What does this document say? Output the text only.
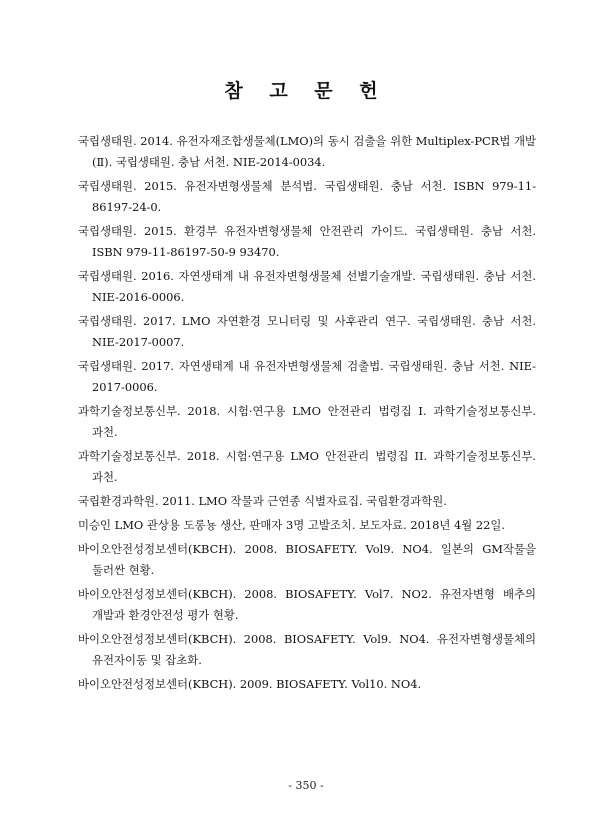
참 고 문 헌
국립생태원. 2014. 유전자재조합생물체(LMO)의 동시 검출을 위한 Multiplex-PCR법 개발(Ⅱ). 국립생태원. 충남 서천. NIE-2014-0034.
국립생태원. 2015. 유전자변형생물체 분석법. 국립생태원. 충남 서천. ISBN 979-11-86197-24-0.
국립생태원. 2015. 환경부 유전자변형생물체 안전관리 가이드. 국립생태원. 충남 서천. ISBN 979-11-86197-50-9 93470.
국립생태원. 2016. 자연생태계 내 유전자변형생물체 선별기술개발. 국립생태원. 충남 서천. NIE-2016-0006.
국립생태원. 2017. LMO 자연환경 모니터링 및 사후관리 연구. 국립생태원. 충남 서천. NIE-2017-0007.
국립생태원. 2017. 자연생태계 내 유전자변형생물체 검출법. 국립생태원. 충남 서천. NIE-2017-0006.
과학기술정보통신부. 2018. 시험·연구용 LMO 안전관리 법령집 I. 과학기술정보통신부. 과천.
과학기술정보통신부. 2018. 시험·연구용 LMO 안전관리 법령집 II. 과학기술정보통신부. 과천.
국립환경과학원. 2011. LMO 작물과 근연종 식별자료집. 국립환경과학원.
미승인 LMO 관상용 도롱뇽 생산, 판매자 3명 고발조치. 보도자료. 2018년 4월 22일.
바이오안전성정보센터(KBCH). 2008. BIOSAFETY. Vol9. NO4. 일본의 GM작물을 둘러싼 현황.
바이오안전성정보센터(KBCH). 2008. BIOSAFETY. Vol7. NO2. 유전자변형 배추의 개발과 환경안전성 평가 현황.
바이오안전성정보센터(KBCH). 2008. BIOSAFETY. Vol9. NO4. 유전자변형생물체의 유전자이동 및 잡초화.
바이오안전성정보센터(KBCH). 2009. BIOSAFETY. Vol10. NO4.
- 350 -
